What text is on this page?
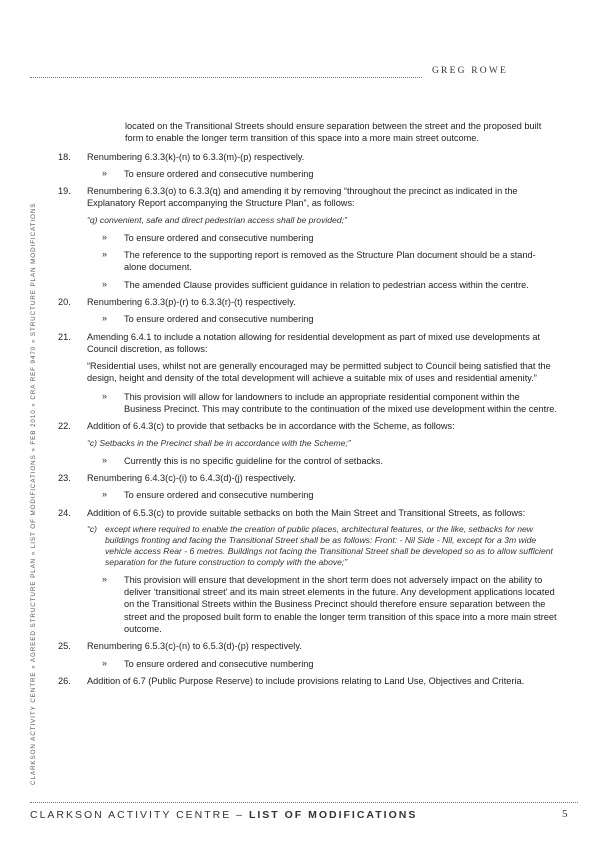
GREG ROWE
CLARKSON ACTIVITY CENTRE » AGREED STRUCTURE PLAN » LIST OF MODIFICATIONS » FEB 2010 » CRA REF 9470 » STRUCTURE PLAN MODIFICATIONS
located on the Transitional Streets should ensure separation between the street and the proposed built form to enable the longer term transition of this space into a more main street outcome.
18. Renumbering 6.3.3(k)-(n) to 6.3.3(m)-(p) respectively.
» To ensure ordered and consecutive numbering
19. Renumbering 6.3.3(o) to 6.3.3(q) and amending it by removing “throughout the precinct as indicated in the Explanatory Report accompanying the Structure Plan”, as follows:
“q) convenient, safe and direct pedestrian access shall be provided;”
» To ensure ordered and consecutive numbering
» The reference to the supporting report is removed as the Structure Plan document should be a stand-alone document.
» The amended Clause provides sufficient guidance in relation to pedestrian access within the centre.
20. Renumbering 6.3.3(p)-(r) to 6.3.3(r)-(t) respectively.
» To ensure ordered and consecutive numbering
21. Amending 6.4.1 to include a notation allowing for residential development as part of mixed use developments at Council discretion, as follows:
“Residential uses, whilst not are generally encouraged may be permitted subject to Council being satisfied that the design, height and density of the total development will achieve a suitable mix of uses and residential amenity.”
» This provision will allow for landowners to include an appropriate residential component within the Business Precinct. This may contribute to the continuation of the mixed use development within the centre.
22. Addition of 6.4.3(c) to provide that setbacks be in accordance with the Scheme, as follows:
“c) Setbacks in the Precinct shall be in accordance with the Scheme;”
» Currently this is no specific guideline for the control of setbacks.
23. Renumbering 6.4.3(c)-(i) to 6.4.3(d)-(j) respectively.
» To ensure ordered and consecutive numbering
24. Addition of 6.5.3(c) to provide suitable setbacks on both the Main Street and Transitional Streets, as follows:
“c) except where required to enable the creation of public places, architectural features, or the like, setbacks for new buildings fronting and facing the Transitional Street shall be as follows: Front: - Nil Side - Nil, except for a 3m wide vehicle access Rear - 6 metres. Buildings not facing the Transitional Street shall be developed so as to allow sufficient separation for the future construction to comply with the above;”
» This provision will ensure that development in the short term does not adversely impact on the ability to deliver ‘transitional street’ and its main street elements in the future. Any development applications located on the Transitional Streets within the Business Precinct should therefore ensure separation between the street and the proposed built form to enable the longer term transition of this space into a more main street outcome.
25. Renumbering 6.5.3(c)-(n) to 6.5.3(d)-(p) respectively.
» To ensure ordered and consecutive numbering
26. Addition of 6.7 (Public Purpose Reserve) to include provisions relating to Land Use, Objectives and Criteria.
CLARKSON ACTIVITY CENTRE – LIST OF MODIFICATIONS	5
